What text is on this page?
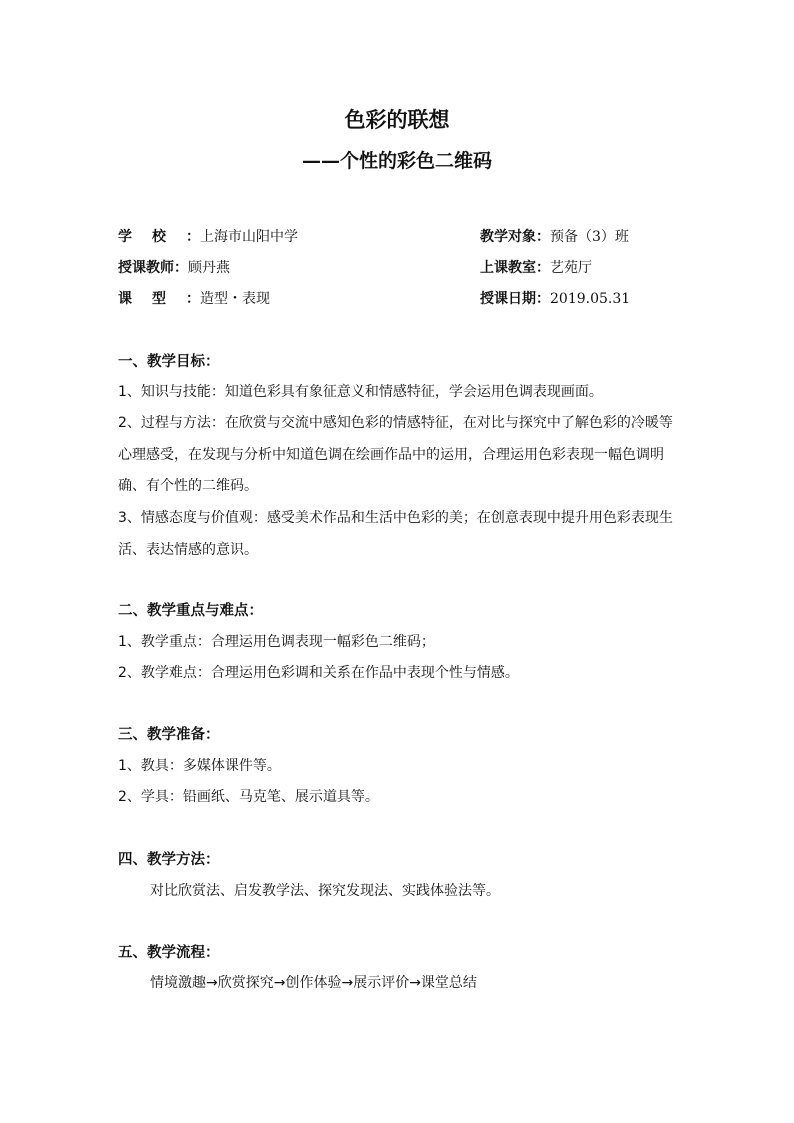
色彩的联想
——个性的彩色二维码
学校：上海市山阳中学	教学对象：预备（3）班
授课教师：顾丹燕	上课教室：艺苑厅
课型：造型・表现	授课日期：2019.05.31
一、教学目标：
1、知识与技能：知道色彩具有象征意义和情感特征，学会运用色调表现画面。
2、过程与方法：在欣赏与交流中感知色彩的情感特征，在对比与探究中了解色彩的冷暖等心理感受，在发现与分析中知道色调在绘画作品中的运用，合理运用色彩表现一幅色调明确、有个性的二维码。
3、情感态度与价值观：感受美术作品和生活中色彩的美；在创意表现中提升用色彩表现生活、表达情感的意识。
二、教学重点与难点：
1、教学重点：合理运用色调表现一幅彩色二维码；
2、教学难点：合理运用色彩调和关系在作品中表现个性与情感。
三、教学准备：
1、教具：多媒体课件等。
2、学具：铅画纸、马克笔、展示道具等。
四、教学方法：
对比欣赏法、启发教学法、探究发现法、实践体验法等。
五、教学流程：
情境激趣→欣赏探究→创作体验→展示评价→课堂总结
